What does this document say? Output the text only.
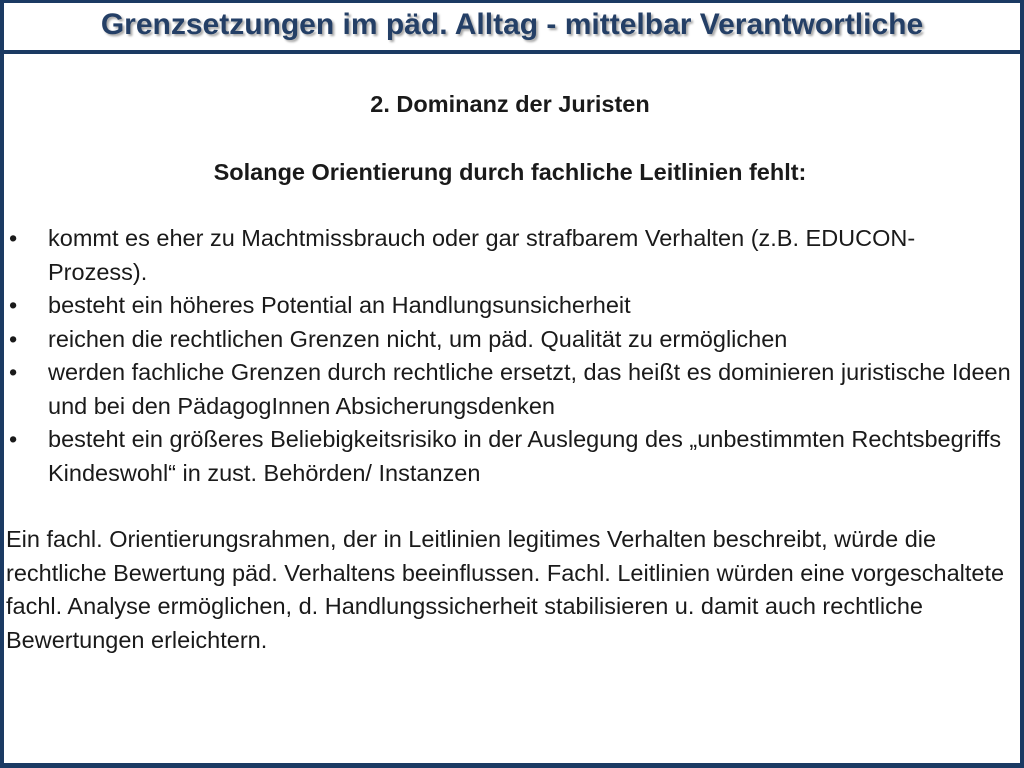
Grenzsetzungen im päd. Alltag - mittelbar Verantwortliche

2. Dominanz der Juristen

Solange Orientierung durch fachliche Leitlinien fehlt:

• kommt es eher zu Machtmissbrauch oder gar strafbarem Verhalten (z.B. EDUCON- Prozess).
• besteht ein höheres Potential an Handlungsunsicherheit
• reichen die rechtlichen Grenzen nicht, um päd. Qualität zu ermöglichen
• werden fachliche Grenzen durch rechtliche ersetzt, das heißt es dominieren juristische Ideen und bei den PädagogInnen Absicherungsdenken
• besteht ein größeres Beliebigkeitsrisiko in der Auslegung des „unbestimmten Rechtsbegriffs Kindeswohl“ in zust. Behörden/ Instanzen

Ein fachl. Orientierungsrahmen, der in Leitlinien legitimes Verhalten beschreibt, würde die rechtliche Bewertung päd. Verhaltens beeinflussen. Fachl. Leitlinien würden eine vorgeschaltete fachl. Analyse ermöglichen, d. Handlungssicherheit stabilisieren u. damit auch rechtliche Bewertungen erleichtern.
